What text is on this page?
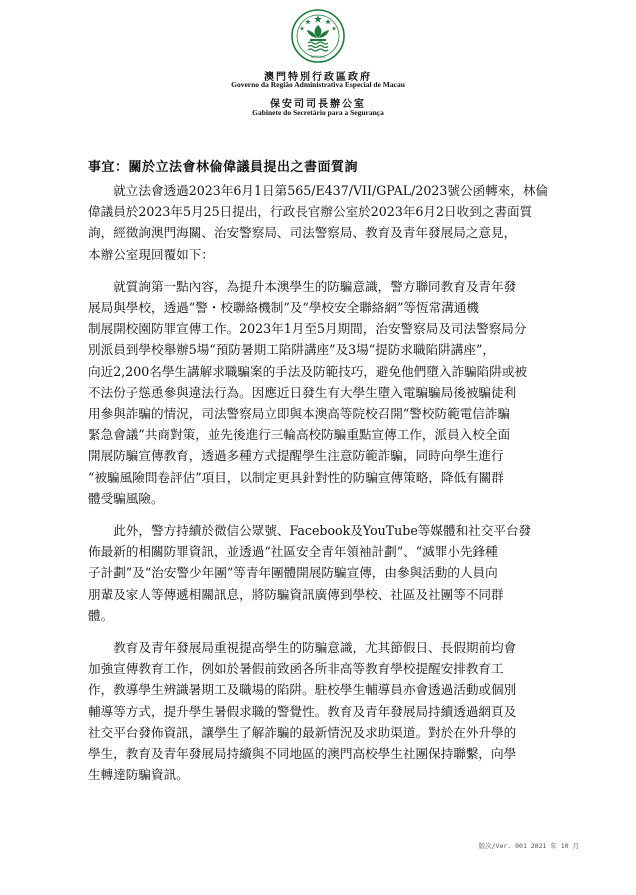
MACAU
澳門特別行政區政府
Governo da Região Administrativa Especial de Macau
保安司司長辦公室
Gabinete do Secretário para a Segurança
事宜：關於立法會林倫偉議員提出之書面質詢

就立法會透過2023年6月1日第565/E437/VII/GPAL/2023號公函轉來，林倫
偉議員於2023年5月25日提出，行政長官辦公室於2023年6月2日收到之書面質
詢，經徵詢澳門海關、治安警察局、司法警察局、教育及青年發展局之意見，
本辦公室現回覆如下：

就質詢第一點內容，為提升本澳學生的防騙意識，警方聯同教育及青年發
展局與學校，透過“警・校聯絡機制”及“學校安全聯絡網”等恆常溝通機
制展開校園防罪宣傳工作。2023年1月至5月期間，治安警察局及司法警察局分
別派員到學校舉辦5場“預防暑期工陷阱講座”及3場“提防求職陷阱講座”，
向近2,200名學生講解求職騙案的手法及防範技巧，避免他們墮入詐騙陷阱或被
不法份子慫恿參與違法行為。因應近日發生有大學生墮入電騙騙局後被騙徒利
用參與詐騙的情況，司法警察局立即與本澳高等院校召開“警校防範電信詐騙
緊急會議”共商對策，並先後進行三輪高校防騙重點宣傳工作，派員入校全面
開展防騙宣傳教育，透過多種方式提醒學生注意防範詐騙，同時向學生進行
“被騙風險問卷評估”項目，以制定更具針對性的防騙宣傳策略，降低有關群
體受騙風險。

此外，警方持續於微信公眾號、Facebook及YouTube等媒體和社交平台發
佈最新的相關防罪資訊，並透過“社區安全青年領袖計劃”、“滅罪小先鋒種
子計劃”及“治安警少年團”等青年團體開展防騙宣傳，由參與活動的人員向
朋輩及家人等傳遞相關訊息，將防騙資訊廣傳到學校、社區及社團等不同群
體。

教育及青年發展局重視提高學生的防騙意識，尤其節假日、長假期前均會
加強宣傳教育工作，例如於暑假前致函各所非高等教育學校提醒安排教育工
作，教導學生辨識暑期工及職場的陷阱。駐校學生輔導員亦會透過活動或個別
輔導等方式，提升學生暑假求職的警覺性。教育及青年發展局持續透過網頁及
社交平台發佈資訊，讓學生了解詐騙的最新情況及求助渠道。對於在外升學的
學生，教育及青年發展局持續與不同地區的澳門高校學生社團保持聯繫，向學
生轉達防騙資訊。

版次/Ver. 001 2021 年 10 月
